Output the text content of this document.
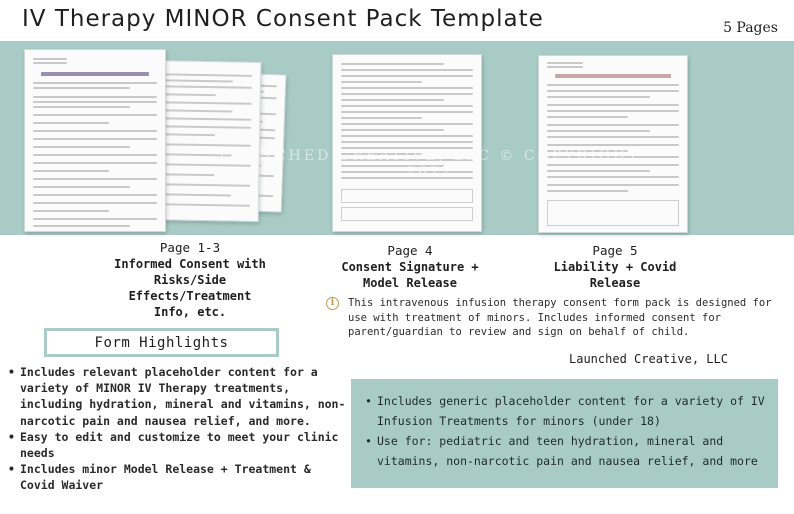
IV Therapy MINOR Consent Pack Template	5 Pages
LAUNCHED CREATIVE, LLC © COPYRIGHT 2022
Page 1-3
Informed Consent with
Risks/Side Effects/Treatment
Info, etc.
Page 4
Consent Signature +
Model Release
Page 5
Liability + Covid
Release
i	This intravenous infusion therapy consent form pack is designed for use with treatment of minors. Includes informed consent for parent/guardian to review and sign on behalf of child.
Form Highlights
• Includes relevant placeholder content for a variety of MINOR IV Therapy treatments, including hydration, mineral and vitamins, non-narcotic pain and nausea relief, and more.
• Easy to edit and customize to meet your clinic needs
• Includes minor Model Release + Treatment & Covid Waiver
Launched Creative, LLC
• Includes generic placeholder content for a variety of IV Infusion Treatments for minors (under 18)
• Use for: pediatric and teen hydration, mineral and vitamins, non-narcotic pain and nausea relief, and more
